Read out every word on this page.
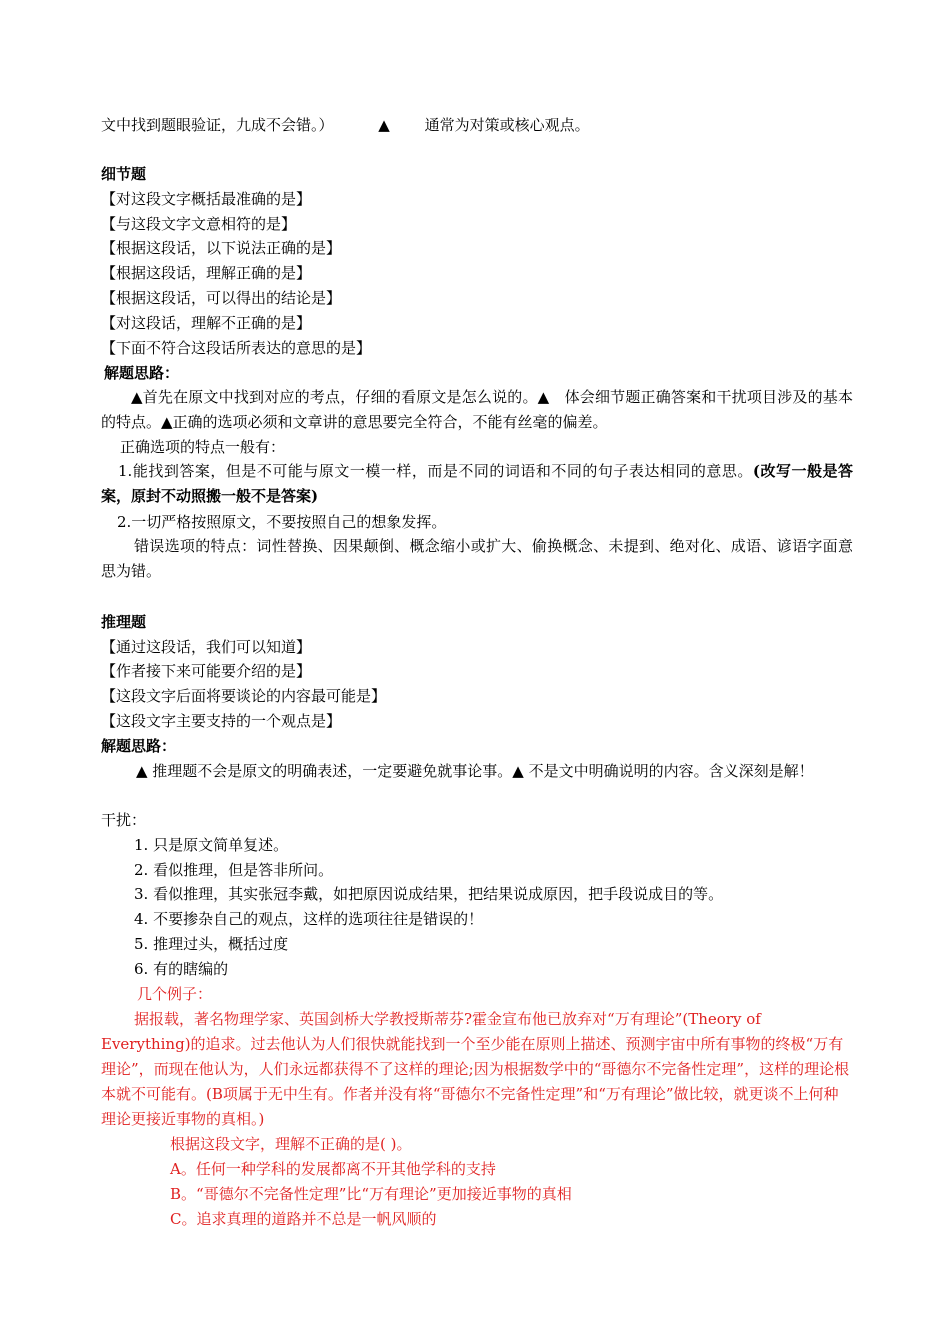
文中找到题眼验证，九成不会错。）	▲ 通常为对策或核心观点。
细节题
【对这段文字概括最准确的是】
【与这段文字文意相符的是】
【根据这段话，以下说法正确的是】
【根据这段话，理解正确的是】
【根据这段话，可以得出的结论是】
【对这段话，理解不正确的是】
【下面不符合这段话所表达的意思的是】
解题思路：
▲首先在原文中找到对应的考点，仔细的看原文是怎么说的。▲　体会细节题正确答案和干扰项目涉及的基本的特点。▲正确的选项必须和文章讲的意思要完全符合，不能有丝毫的偏差。
正确选项的特点一般有：
1.能找到答案，但是不可能与原文一模一样，而是不同的词语和不同的句子表达相同的意思。(改写一般是答案，原封不动照搬一般不是答案)
2.一切严格按照原文，不要按照自己的想象发挥。
错误选项的特点：词性替换、因果颠倒、概念缩小或扩大、偷换概念、未提到、绝对化、成语、谚语字面意思为错。
推理题
【通过这段话，我们可以知道】
【作者接下来可能要介绍的是】
【这段文字后面将要谈论的内容最可能是】
【这段文字主要支持的一个观点是】
解题思路：
▲ 推理题不会是原文的明确表述，一定要避免就事论事。▲ 不是文中明确说明的内容。含义深刻是解！
干扰：
1. 只是原文简单复述。
2. 看似推理，但是答非所问。
3. 看似推理，其实张冠李戴，如把原因说成结果，把结果说成原因，把手段说成目的等。
4. 不要掺杂自己的观点，这样的选项往往是错误的！
5. 推理过头，概括过度
6. 有的瞎编的
几个例子：
据报载，著名物理学家、英国剑桥大学教授斯蒂芬?霍金宣布他已放弃对“万有理论”(Theory of Everything)的追求。过去他认为人们很快就能找到一个至少能在原则上描述、预测宇宙中所有事物的终极“万有理论”，而现在他认为，人们永远都获得不了这样的理论;因为根据数学中的“哥德尔不完备性定理”，这样的理论根本就不可能有。(B项属于无中生有。作者并没有将“哥德尔不完备性定理”和“万有理论”做比较，就更谈不上何种理论更接近事物的真相。)
根据这段文字，理解不正确的是( )。
A。任何一种学科的发展都离不开其他学科的支持
B。“哥德尔不完备性定理”比“万有理论”更加接近事物的真相
C。追求真理的道路并不总是一帆风顺的
